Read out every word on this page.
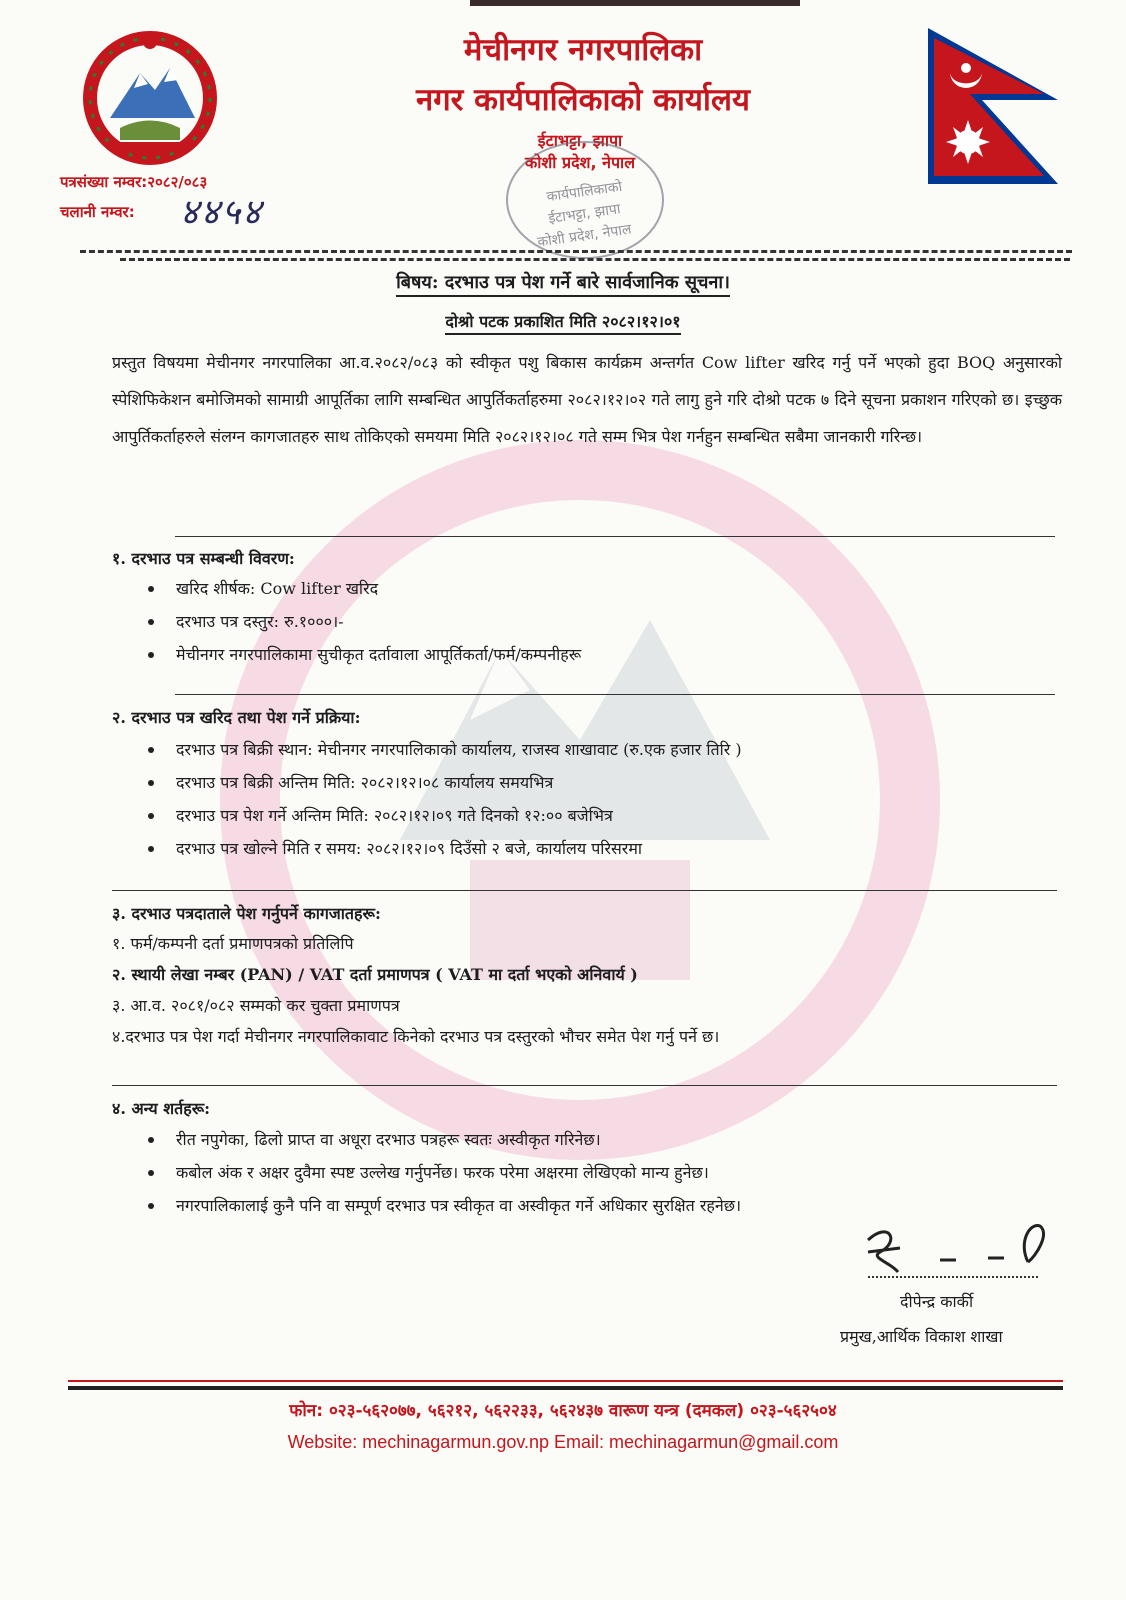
मेचीनगर नगरपालिका
नगर कार्यपालिकाको कार्यालय
ईटाभट्टा, झापा
कोशी प्रदेश, नेपाल
कार्यपालिकाको
ईटाभट्टा, झापा
कोशी प्रदेश, नेपाल
पत्रसंख्या नम्वर:२०८२/०८३
चलानी नम्वर: ४४५४
बिषय: दरभाउ पत्र पेश गर्ने बारे सार्वजानिक सूचना।
दोश्रो पटक प्रकाशित मिति २०८२।१२।०१
प्रस्तुत विषयमा मेचीनगर नगरपालिका आ.व.२०८२/०८३ को स्वीकृत पशु बिकास कार्यक्रम अन्तर्गत Cow lifter खरिद गर्नु पर्ने भएको हुदा BOQ अनुसारको स्पेशिफिकेशन बमोजिमको सामाग्री आपूर्तिका लागि सम्बन्धित आपुर्तिकर्ताहरुमा २०८२।१२।०२ गते लागु हुने गरि दोश्रो पटक ७ दिने सूचना प्रकाशन गरिएको छ। इच्छुक आपुर्तिकर्ताहरुले संलग्न कागजातहरु साथ तोकिएको समयमा मिति २०८२।१२।०८ गते सम्म भित्र पेश गर्नहुन सम्बन्धित सबैमा जानकारी गरिन्छ।
१. दरभाउ पत्र सम्बन्धी विवरण:
खरिद शीर्षक: Cow lifter खरिद
दरभाउ पत्र दस्तुर: रु.१०००।-
मेचीनगर नगरपालिकामा सुचीकृत दर्तावाला आपूर्तिकर्ता/फर्म/कम्पनीहरू
२. दरभाउ पत्र खरिद तथा पेश गर्ने प्रक्रिया:
दरभाउ पत्र बिक्री स्थान: मेचीनगर नगरपालिकाको कार्यालय, राजस्व शाखावाट (रु.एक हजार तिरि )
दरभाउ पत्र बिक्री अन्तिम मिति: २०८२।१२।०८ कार्यालय समयभित्र
दरभाउ पत्र पेश गर्ने अन्तिम मिति: २०८२।१२।०९ गते दिनको १२:०० बजेभित्र
दरभाउ पत्र खोल्ने मिति र समय: २०८२।१२।०९ दिउँसो २ बजे, कार्यालय परिसरमा
३. दरभाउ पत्रदाताले पेश गर्नुपर्ने कागजातहरू:
१. फर्म/कम्पनी दर्ता प्रमाणपत्रको प्रतिलिपि
२. स्थायी लेखा नम्बर (PAN) / VAT दर्ता प्रमाणपत्र ( VAT मा दर्ता भएको अनिवार्य )
३. आ.व. २०८१/०८२ सम्मको कर चुक्ता प्रमाणपत्र
४.दरभाउ पत्र पेश गर्दा मेचीनगर नगरपालिकावाट किनेको दरभाउ पत्र दस्तुरको भौचर समेत पेश गर्नु पर्ने छ।
४. अन्य शर्तहरू:
रीत नपुगेका, ढिलो प्राप्त वा अधूरा दरभाउ पत्रहरू स्वतः अस्वीकृत गरिनेछ।
कबोल अंक र अक्षर दुवैमा स्पष्ट उल्लेख गर्नुपर्नेछ। फरक परेमा अक्षरमा लेखिएको मान्य हुनेछ।
नगरपालिकालाई कुनै पनि वा सम्पूर्ण दरभाउ पत्र स्वीकृत वा अस्वीकृत गर्ने अधिकार सुरक्षित रहनेछ।
दीपेन्द्र कार्की
प्रमुख,आर्थिक विकाश शाखा
फोन: ०२३-५६२०७७, ५६२१२, ५६२२३३, ५६२४३७ वारूण यन्त्र (दमकल) ०२३-५६२५०४
Website: mechinagarmun.gov.np Email: mechinagarmun@gmail.com
